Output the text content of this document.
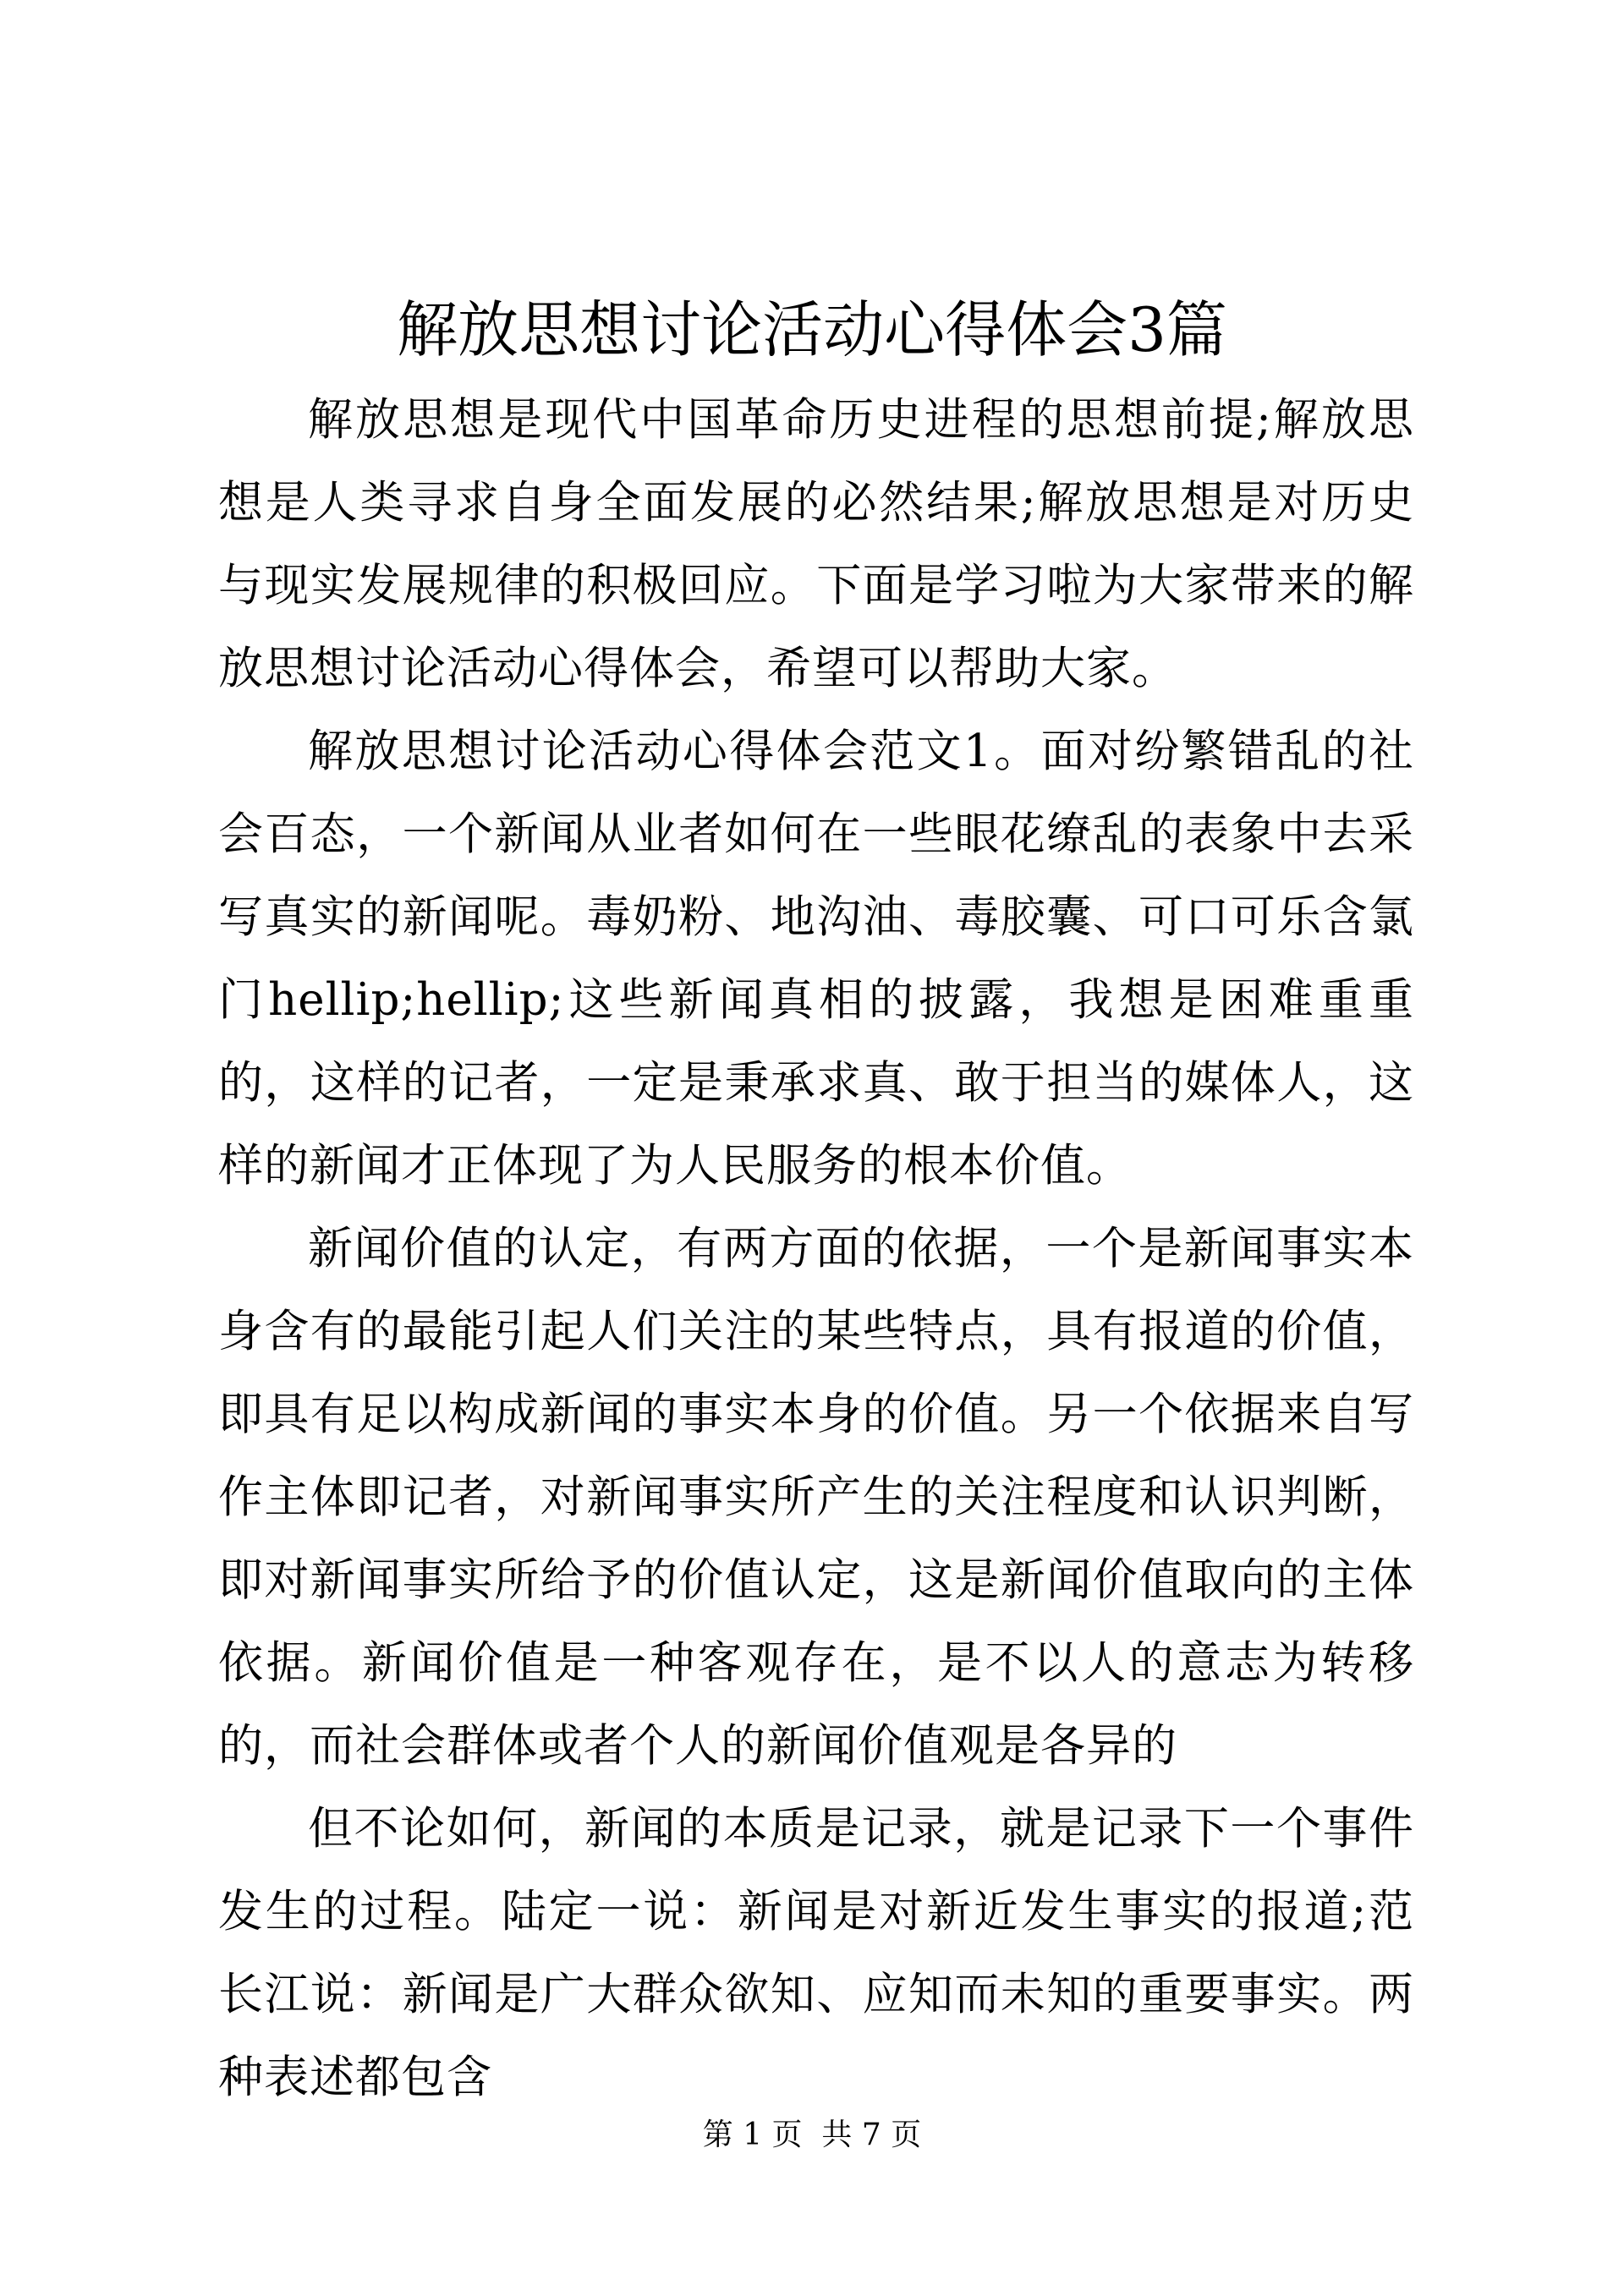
解放思想讨论活动心得体会3篇

解放思想是现代中国革命历史进程的思想前提;解放思想是人类寻求自身全面发展的必然结果;解放思想是对历史与现实发展规律的积极回应。下面是学习啦为大家带来的解放思想讨论活动心得体会，希望可以帮助大家。

解放思想讨论活动心得体会范文1。面对纷繁错乱的社会百态，一个新闻从业者如何在一些眼花缭乱的表象中去采写真实的新闻呢。毒奶粉、地沟油、毒胶囊、可口可乐含氯门hellip;hellip;这些新闻真相的披露，我想是困难重重的，这样的记者，一定是秉承求真、敢于担当的媒体人，这样的新闻才正体现了为人民服务的根本价值。

新闻价值的认定，有两方面的依据，一个是新闻事实本身含有的最能引起人们关注的某些特点，具有报道的价值，即具有足以构成新闻的事实本身的价值。另一个依据来自写作主体即记者，对新闻事实所产生的关注程度和认识判断，即对新闻事实所给予的价值认定，这是新闻价值取向的主体依据。新闻价值是一种客观存在，是不以人的意志为转移的，而社会群体或者个人的新闻价值观是各异的

但不论如何，新闻的本质是记录，就是记录下一个事件发生的过程。陆定一说：新闻是对新近发生事实的报道;范长江说：新闻是广大群众欲知、应知而未知的重要事实。两种表述都包含

第 1 页  共 7 页
